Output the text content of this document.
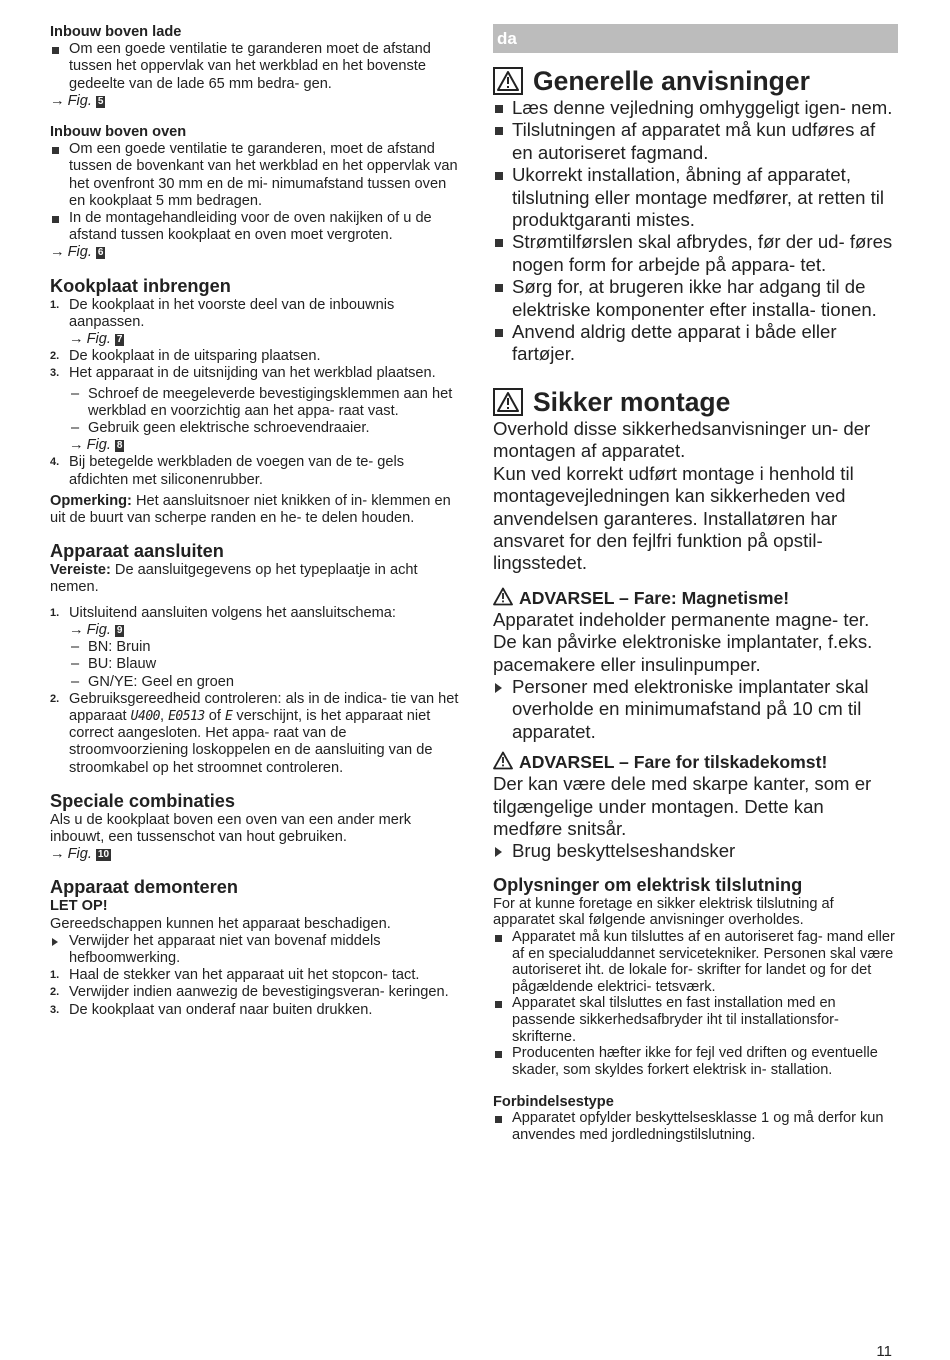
Inbouw boven lade
Om een goede ventilatie te garanderen moet de afstand tussen het oppervlak van het werkblad en het bovenste gedeelte van de lade 65 mm bedra- gen.
→ Fig. 5
Inbouw boven oven
Om een goede ventilatie te garanderen, moet de afstand tussen de bovenkant van het werkblad en het oppervlak van het ovenfront 30 mm en de mi- nimumafstand tussen oven en kookplaat 5 mm bedragen.
In de montagehandleiding voor de oven nakijken of u de afstand tussen kookplaat en oven moet vergroten.
→ Fig. 6
Kookplaat inbrengen
1. De kookplaat in het voorste deel van de inbouwnis aanpassen.
→ Fig. 7
2. De kookplaat in de uitsparing plaatsen.
3. Het apparaat in de uitsnijding van het werkblad plaatsen.
– Schroef de meegeleverde bevestigingsklemmen aan het werkblad en voorzichtig aan het appa- raat vast.
– Gebruik geen elektrische schroevendraaier.
→ Fig. 8
4. Bij betegelde werkbladen de voegen van de te- gels afdichten met siliconenrubber.

Opmerking: Het aansluitsnoer niet knikken of in- klemmen en uit de buurt van scherpe randen en he- te delen houden.

Apparaat aansluiten

Vereiste: De aansluitgegevens op het typeplaatje in acht nemen.

1. Uitsluitend aansluiten volgens het aansluitschema:
→ Fig. 9
– BN: Bruin
– BU: Blauw
– GN/YE: Geel en groen
2. Gebruiksgereedheid controleren: als in de indica- tie van het apparaat U400, E0513 of E verschijnt, is het apparaat niet correct aangesloten. Het appa- raat van de stroomvoorziening loskoppelen en de aansluiting van de stroomkabel op het stroomnet controleren.
Speciale combinaties

Als u de kookplaat boven een oven van een ander merk inbouwt, een tussenschot van hout gebruiken.

→ Fig. 10
Apparaat demonteren
LET OP!

Gereedschappen kunnen het apparaat beschadigen.

Verwijder het apparaat niet van bovenaf middels hefboomwerking.
1. Haal de stekker van het apparaat uit het stopcon- tact.
2. Verwijder indien aanwezig de bevestigingsveran- keringen.
3. De kookplaat van onderaf naar buiten drukken.
da
Generelle anvisninger
Læs denne vejledning omhyggeligt igen- nem.
Tilslutningen af apparatet må kun udføres af en autoriseret fagmand.
Ukorrekt installation, åbning af apparatet, tilslutning eller montage medfører, at retten til produktgaranti mistes.
Strømtilførslen skal afbrydes, før der ud- føres nogen form for arbejde på appara- tet.
Sørg for, at brugeren ikke har adgang til de elektriske komponenter efter installa- tionen.
Anvend aldrig dette apparat i både eller fartøjer.
Sikker montage

Overhold disse sikkerhedsanvisninger un- der montagen af apparatet.

Kun ved korrekt udført montage i henhold til montagevejledningen kan sikkerheden ved anvendelsen garanteres. Installatøren har ansvaret for den fejlfri funktion på opstil- lingsstedet.

ADVARSEL – Fare: Magnetisme!

Apparatet indeholder permanente magne- ter. De kan påvirke elektroniske implantater, f.eks. pacemakere eller insulinpumper.

Personer med elektroniske implantater skal overholde en minimumafstand på 10 cm til apparatet.
ADVARSEL – Fare for tilskadekomst!

Der kan være dele med skarpe kanter, som er tilgængelige under montagen. Dette kan medføre snitsår.

Brug beskyttelseshandsker
Oplysninger om elektrisk tilslutning

For at kunne foretage en sikker elektrisk tilslutning af apparatet skal følgende anvisninger overholdes.

Apparatet må kun tilsluttes af en autoriseret fag- mand eller af en specialuddannet servicetekniker. Personen skal være autoriseret iht. de lokale for- skrifter for landet og for det pågældende elektrici- tetsværk.
Apparatet skal tilsluttes en fast installation med en passende sikkerhedsafbryder iht til installationsfor- skrifterne.
Producenten hæfter ikke for fejl ved driften og eventuelle skader, som skyldes forkert elektrisk in- stallation.
Forbindelsestype
Apparatet opfylder beskyttelsesklasse 1 og må derfor kun anvendes med jordledningstilslutning.
11
